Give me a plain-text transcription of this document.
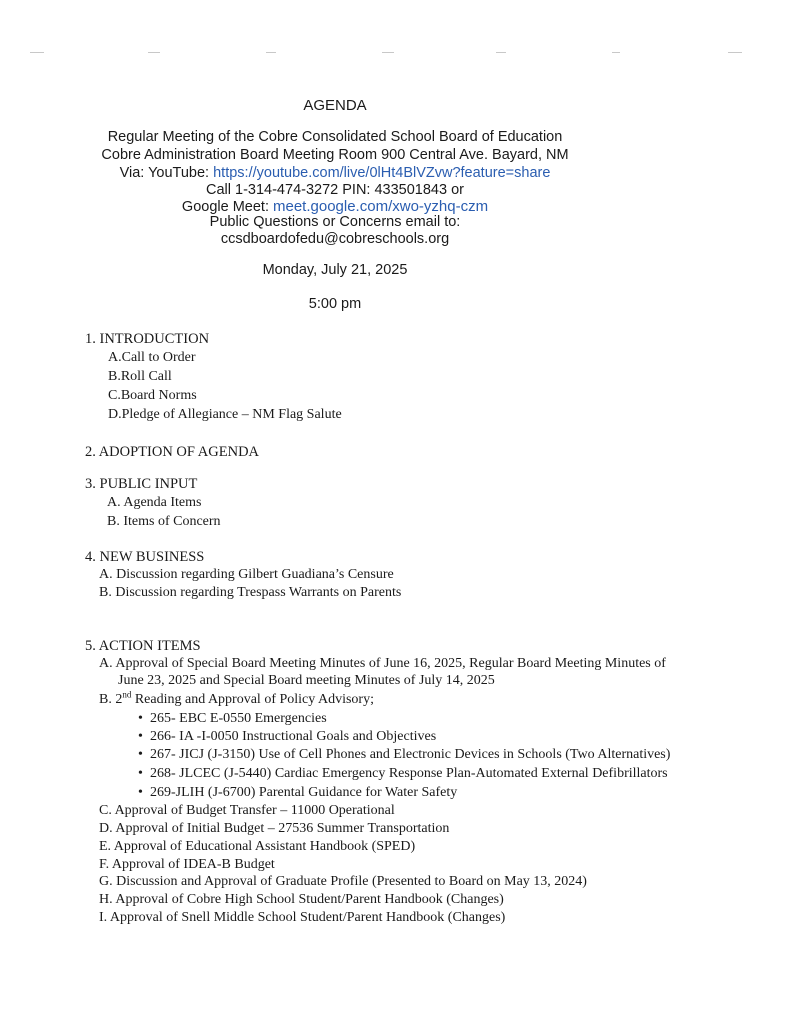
AGENDA
Regular Meeting of the Cobre Consolidated School Board of Education
Cobre Administration Board Meeting Room 900 Central Ave. Bayard, NM
Via: YouTube: https://youtube.com/live/0lHt4BlVZvw?feature=share
Call 1-314-474-3272 PIN: 433501843 or
Google Meet: meet.google.com/xwo-yzhq-czm
Public Questions or Concerns email to:
ccsdboardofedu@cobreschools.org
Monday, July 21, 2025
5:00 pm
1. INTRODUCTION
A.Call to Order
B.Roll Call
C.Board Norms
D.Pledge of Allegiance – NM Flag Salute
2. ADOPTION OF AGENDA
3. PUBLIC INPUT
A. Agenda Items
B. Items of Concern
4. NEW BUSINESS
A. Discussion regarding Gilbert Guadiana’s Censure
B. Discussion regarding Trespass Warrants on Parents
5. ACTION ITEMS
A. Approval of Special Board Meeting Minutes of June 16, 2025, Regular Board Meeting Minutes of
June 23, 2025 and Special Board meeting Minutes of July 14, 2025
B. 2nd Reading and Approval of Policy Advisory;
• 265- EBC E-0550 Emergencies
• 266- IA -I-0050 Instructional Goals and Objectives
• 267- JICJ (J-3150) Use of Cell Phones and Electronic Devices in Schools (Two Alternatives)
• 268- JLCEC (J-5440) Cardiac Emergency Response Plan-Automated External Defibrillators
• 269-JLIH (J-6700) Parental Guidance for Water Safety
C. Approval of Budget Transfer – 11000 Operational
D. Approval of Initial Budget – 27536 Summer Transportation
E. Approval of Educational Assistant Handbook (SPED)
F. Approval of IDEA-B Budget
G. Discussion and Approval of Graduate Profile (Presented to Board on May 13, 2024)
H. Approval of Cobre High School Student/Parent Handbook (Changes)
I. Approval of Snell Middle School Student/Parent Handbook (Changes)
